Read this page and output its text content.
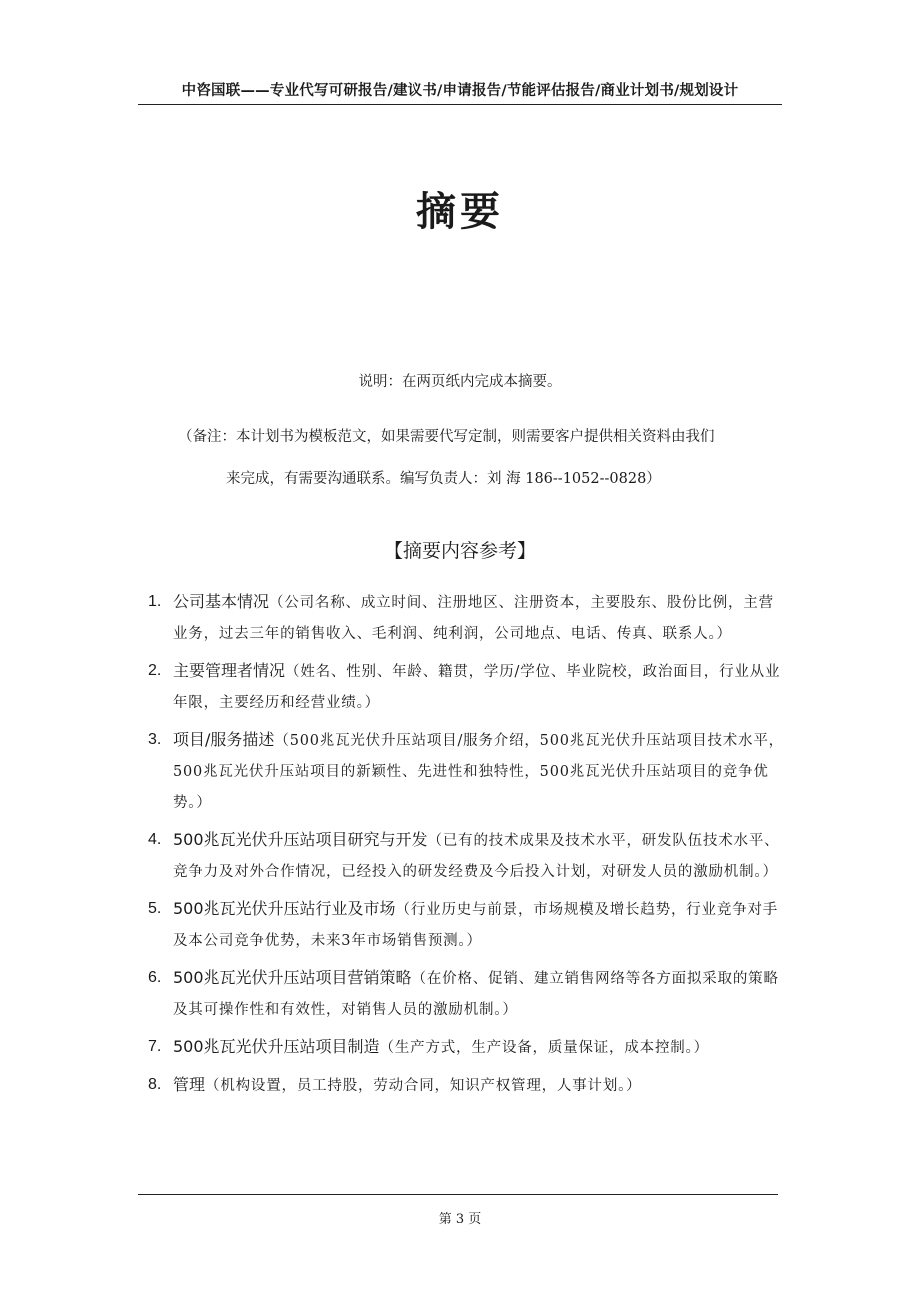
中咨国联——专业代写可研报告/建议书/申请报告/节能评估报告/商业计划书/规划设计
摘要
说明：在两页纸内完成本摘要。
（备注：本计划书为模板范文，如果需要代写定制，则需要客户提供相关资料由我们
来完成，有需要沟通联系。编写负责人：刘 海 186--1052--0828）
【摘要内容参考】
1. 公司基本情况（公司名称、成立时间、注册地区、注册资本，主要股东、股份比例，主营业务，过去三年的销售收入、毛利润、纯利润，公司地点、电话、传真、联系人。）
2. 主要管理者情况（姓名、性别、年龄、籍贯，学历/学位、毕业院校，政治面目，行业从业年限，主要经历和经营业绩。）
3. 项目/服务描述（500兆瓦光伏升压站项目/服务介绍，500兆瓦光伏升压站项目技术水平，500兆瓦光伏升压站项目的新颖性、先进性和独特性，500兆瓦光伏升压站项目的竞争优势。）
4. 500兆瓦光伏升压站项目研究与开发（已有的技术成果及技术水平，研发队伍技术水平、竞争力及对外合作情况，已经投入的研发经费及今后投入计划，对研发人员的激励机制。）
5. 500兆瓦光伏升压站行业及市场（行业历史与前景，市场规模及增长趋势，行业竞争对手及本公司竞争优势，未来3年市场销售预测。）
6. 500兆瓦光伏升压站项目营销策略（在价格、促销、建立销售网络等各方面拟采取的策略及其可操作性和有效性，对销售人员的激励机制。）
7. 500兆瓦光伏升压站项目制造（生产方式，生产设备，质量保证，成本控制。）
8. 管理（机构设置，员工持股，劳动合同，知识产权管理，人事计划。）
第 3 页
